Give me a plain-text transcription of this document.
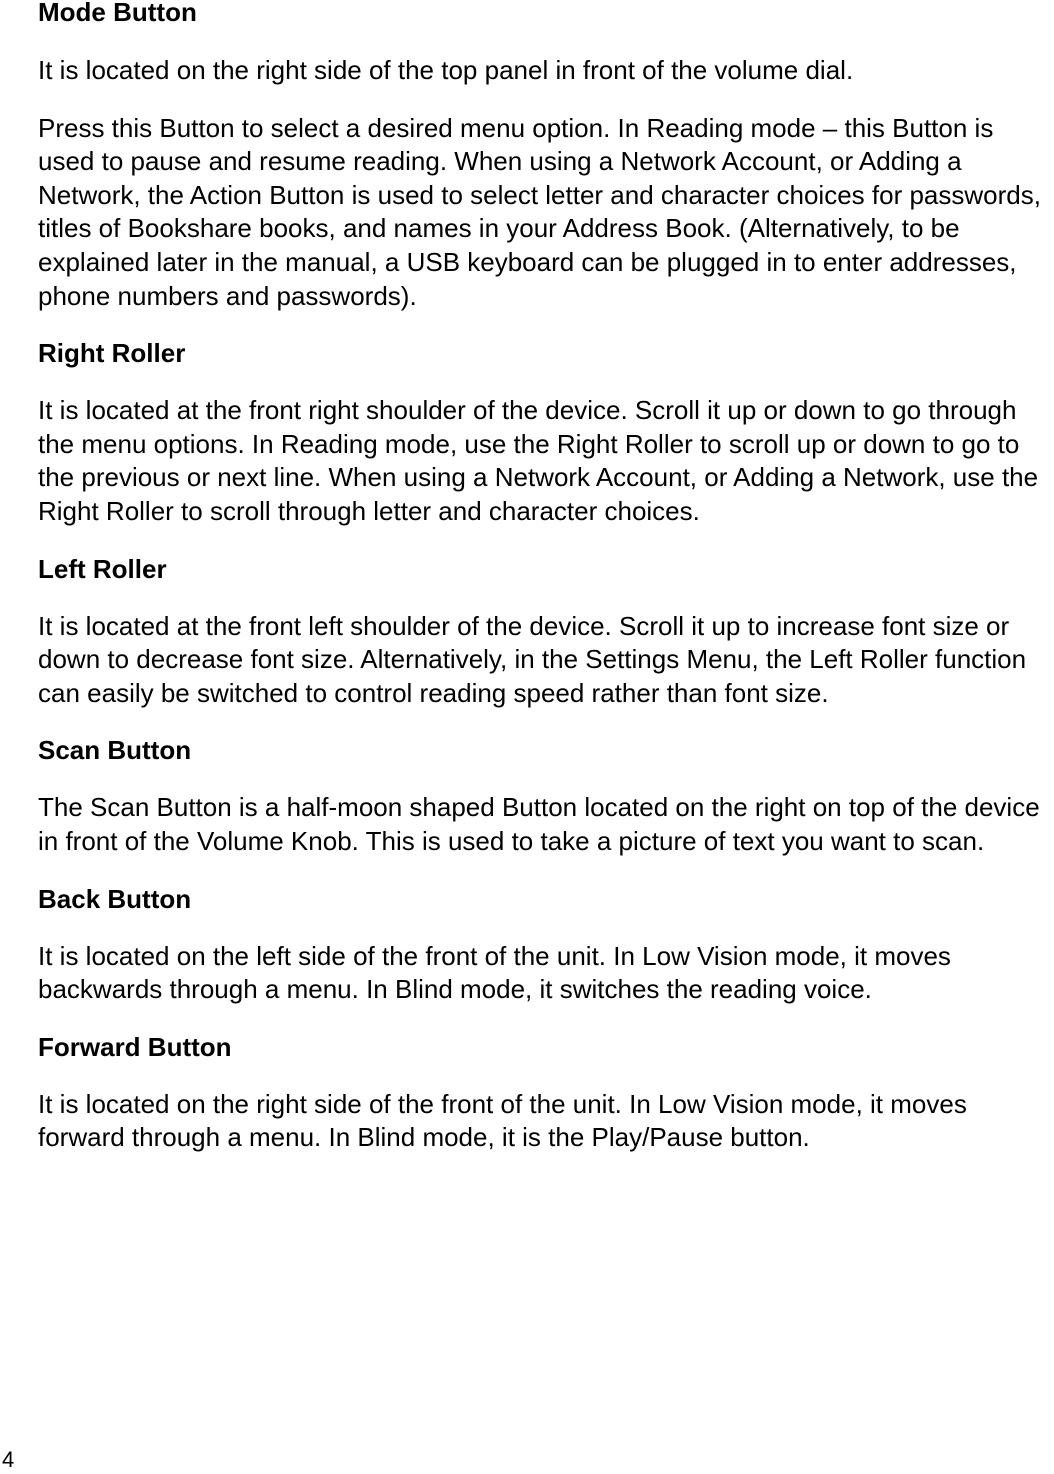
Mode Button

It is located on the right side of the top panel in front of the volume dial.

Press this Button to select a desired menu option. In Reading mode – this Button is used to pause and resume reading. When using a Network Account, or Adding a Network, the Action Button is used to select letter and character choices for passwords, titles of Bookshare books, and names in your Address Book. (Alternatively, to be explained later in the manual, a USB keyboard can be plugged in to enter addresses, phone numbers and passwords).

Right Roller

It is located at the front right shoulder of the device. Scroll it up or down to go through the menu options. In Reading mode, use the Right Roller to scroll up or down to go to the previous or next line. When using a Network Account, or Adding a Network, use the Right Roller to scroll through letter and character choices.

Left Roller

It is located at the front left shoulder of the device. Scroll it up to increase font size or down to decrease font size. Alternatively, in the Settings Menu, the Left Roller function can easily be switched to control reading speed rather than font size.

Scan Button

The Scan Button is a half-moon shaped Button located on the right on top of the device in front of the Volume Knob. This is used to take a picture of text you want to scan.

Back Button

It is located on the left side of the front of the unit. In Low Vision mode, it moves backwards through a menu. In Blind mode, it switches the reading voice.

Forward Button

It is located on the right side of the front of the unit. In Low Vision mode, it moves forward through a menu. In Blind mode, it is the Play/Pause button.

4
